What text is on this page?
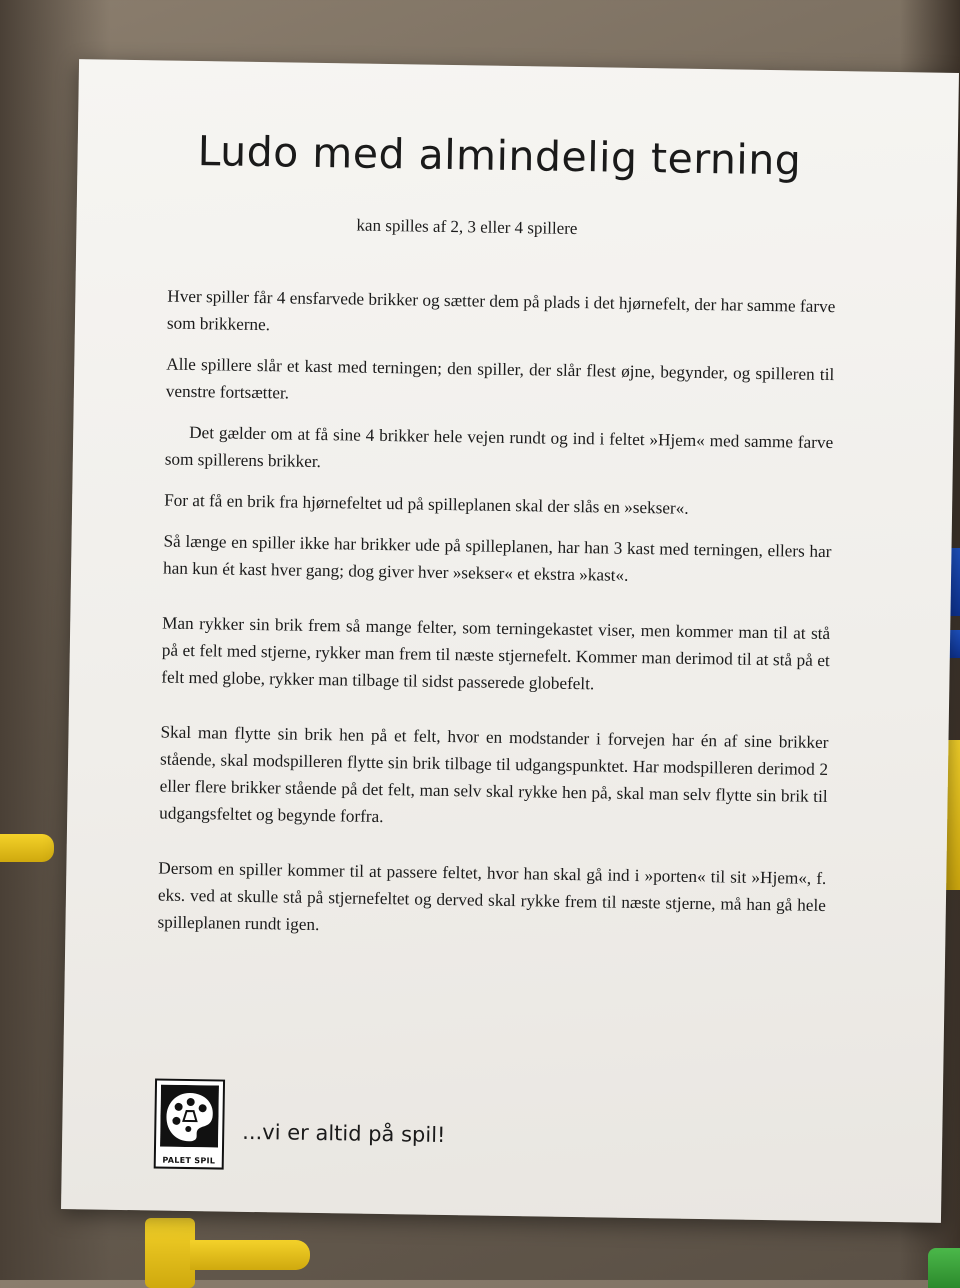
Ludo med almindelig terning
kan spilles af 2, 3 eller 4 spillere

Hver spiller får 4 ensfarvede brikker og sætter dem på plads i det hjørnefelt, der har samme farve som brikkerne.

Alle spillere slår et kast med terningen; den spiller, der slår flest øjne, begynder, og spilleren til venstre fortsætter.

Det gælder om at få sine 4 brikker hele vejen rundt og ind i feltet »Hjem« med samme farve som spillerens brikker.

For at få en brik fra hjørnefeltet ud på spilleplanen skal der slås en »sekser«.

Så længe en spiller ikke har brikker ude på spilleplanen, har han 3 kast med terningen, ellers har han kun ét kast hver gang; dog giver hver »sekser« et ekstra »kast«.

Man rykker sin brik frem så mange felter, som terningekastet viser, men kommer man til at stå på et felt med stjerne, rykker man frem til næste stjernefelt. Kommer man derimod til at stå på et felt med globe, rykker man tilbage til sidst passerede globefelt.

Skal man flytte sin brik hen på et felt, hvor en modstander i forvejen har én af sine brikker stående, skal modspilleren flytte sin brik tilbage til udgangspunktet. Har modspilleren derimod 2 eller flere brikker stående på det felt, man selv skal rykke hen på, skal man selv flytte sin brik til udgangsfeltet og begynde forfra.

Dersom en spiller kommer til at passere feltet, hvor han skal gå ind i »porten« til sit »Hjem«, f. eks. ved at skulle stå på stjernefeltet og derved skal rykke frem til næste stjerne, må han gå hele spilleplanen rundt igen.

PALET SPIL
...vi er altid på spil!
